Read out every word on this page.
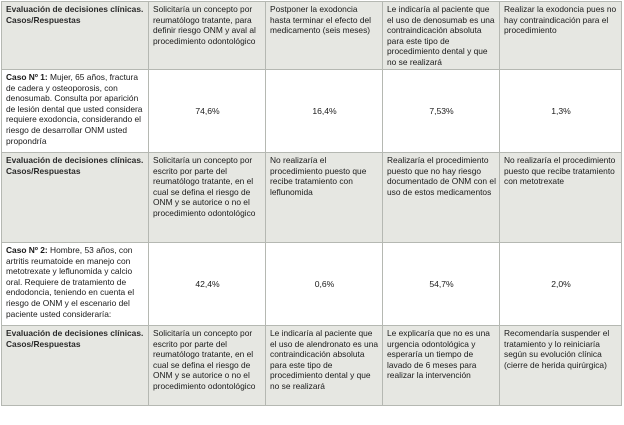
Evaluación de decisiones clínicas. Casos/Respuestas	Solicitaría un concepto por reumatólogo tratante, para definir riesgo ONM y aval al procedimiento odontológico	Postponer la exodoncia hasta terminar el efecto del medicamento (seis meses)	Le indicaría al paciente que el uso de denosumab es una contraindicación absoluta para este tipo de procedimiento dental y que no se realizará	Realizar la exodoncia pues no hay contraindicación para el procedimiento
Caso Nº 1: Mujer, 65 años, fractura de cadera y osteoporosis, con denosumab. Consulta por aparición de lesión dental que usted considera requiere exodoncia, considerando el riesgo de desarrollar ONM usted propondría	74,6%	16,4%	7,53%	1,3%
Evaluación de decisiones clínicas. Casos/Respuestas	Solicitaría un concepto por escrito por parte del reumatólogo tratante, en el cual se defina el riesgo de ONM y se autorice o no el procedimiento odontológico	No realizaría el procedimiento puesto que recibe tratamiento con leflunomida	Realizaría el procedimiento puesto que no hay riesgo documentado de ONM con el uso de estos medicamentos	No realizaría el procedimiento puesto que recibe tratamiento con metotrexate
Caso Nº 2: Hombre, 53 años, con artritis reumatoide en manejo con metotrexate y leflunomida y calcio oral. Requiere de tratamiento de endodoncia, teniendo en cuenta el riesgo de ONM y el escenario del paciente usted consideraría:	42,4%	0,6%	54,7%	2,0%
Evaluación de decisiones clínicas. Casos/Respuestas	Solicitaría un concepto por escrito por parte del reumatólogo tratante, en el cual se defina el riesgo de ONM y se autorice o no el procedimiento odontológico	Le indicaría al paciente que el uso de alendronato es una contraindicación absoluta para este tipo de procedimiento dental y que no se realizará	Le explicaría que no es una urgencia odontológica y esperaría un tiempo de lavado de 6 meses para realizar la intervención	Recomendaría suspender el tratamiento y lo reiniciaría según su evolución clínica (cierre de herida quirúrgica)
